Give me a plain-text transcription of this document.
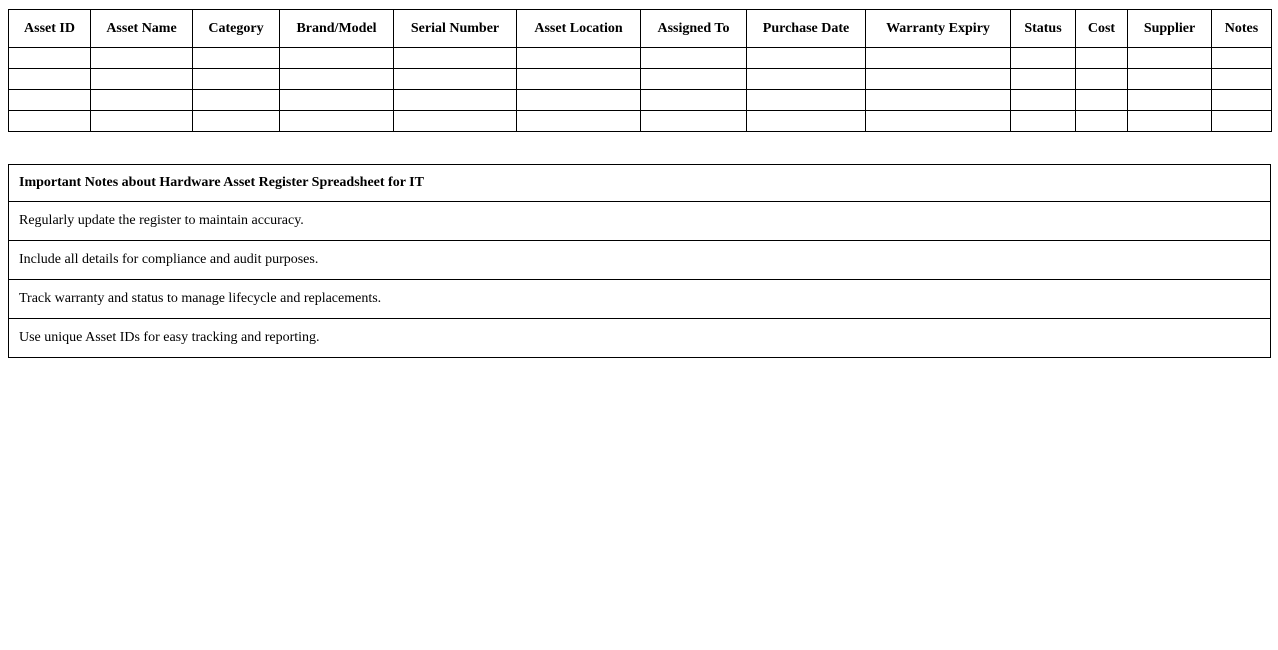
Asset ID	Asset Name	Category	Brand/Model	Serial Number	Asset Location	Assigned To	Purchase Date	Warranty Expiry	Status	Cost	Supplier	Notes

Important Notes about Hardware Asset Register Spreadsheet for IT
Regularly update the register to maintain accuracy.
Include all details for compliance and audit purposes.
Track warranty and status to manage lifecycle and replacements.
Use unique Asset IDs for easy tracking and reporting.
